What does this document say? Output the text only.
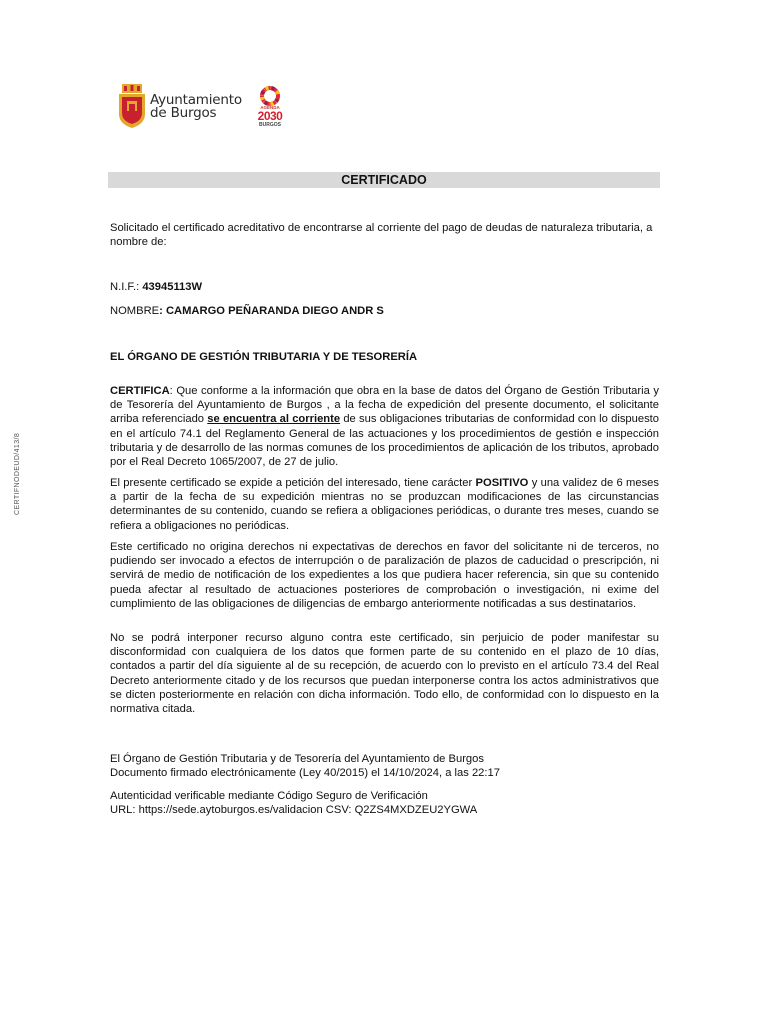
Ayuntamiento
de Burgos	AGENDA
2030
BURGOS
CERTIFNODEUD/413/8
CERTIFICADO
Solicitado el certificado acreditativo de encontrarse al corriente del pago de deudas de naturaleza tributaria, a nombre de:
N.I.F.: 43945113W
NOMBRE: CAMARGO PEÑARANDA DIEGO ANDR S
EL ÓRGANO DE GESTIÓN TRIBUTARIA Y DE TESORERÍA
CERTIFICA: Que conforme a la información que obra en la base de datos del Órgano de Gestión Tributaria y de Tesorería del Ayuntamiento de Burgos , a la fecha de expedición del presente documento, el solicitante arriba referenciado se encuentra al corriente de sus obligaciones tributarias de conformidad con lo dispuesto en el artículo 74.1 del Reglamento General de las actuaciones y los procedimientos de gestión e inspección tributaria y de desarrollo de las normas comunes de los procedimientos de aplicación de los tributos, aprobado por el Real Decreto 1065/2007, de 27 de julio.
El presente certificado se expide a petición del interesado, tiene carácter POSITIVO y una validez de 6 meses a partir de la fecha de su expedición mientras no se produzcan modificaciones de las circunstancias determinantes de su contenido, cuando se refiera a obligaciones periódicas, o durante tres meses, cuando se refiera a obligaciones no periódicas.
Este certificado no origina derechos ni expectativas de derechos en favor del solicitante ni de terceros, no pudiendo ser invocado a efectos de interrupción o de paralización de plazos de caducidad o prescripción, ni servirá de medio de notificación de los expedientes a los que pudiera hacer referencia, sin que su contenido pueda afectar al resultado de actuaciones posteriores de comprobación o investigación, ni exime del cumplimiento de las obligaciones de diligencias de embargo anteriormente notificadas a sus destinatarios.
No se podrá interponer recurso alguno contra este certificado, sin perjuicio de poder manifestar su disconformidad con cualquiera de los datos que formen parte de su contenido en el plazo de 10 días, contados a partir del día siguiente al de su recepción, de acuerdo con lo previsto en el artículo 73.4 del Real Decreto anteriormente citado y de los recursos que puedan interponerse contra los actos administrativos que se dicten posteriormente en relación con dicha información. Todo ello, de conformidad con lo dispuesto en la normativa citada.
El Órgano de Gestión Tributaria y de Tesorería del Ayuntamiento de Burgos
Documento firmado electrónicamente (Ley 40/2015) el 14/10/2024, a las 22:17
Autenticidad verificable mediante Código Seguro de Verificación
URL: https://sede.aytoburgos.es/validacion CSV: Q2ZS4MXDZEU2YGWA
